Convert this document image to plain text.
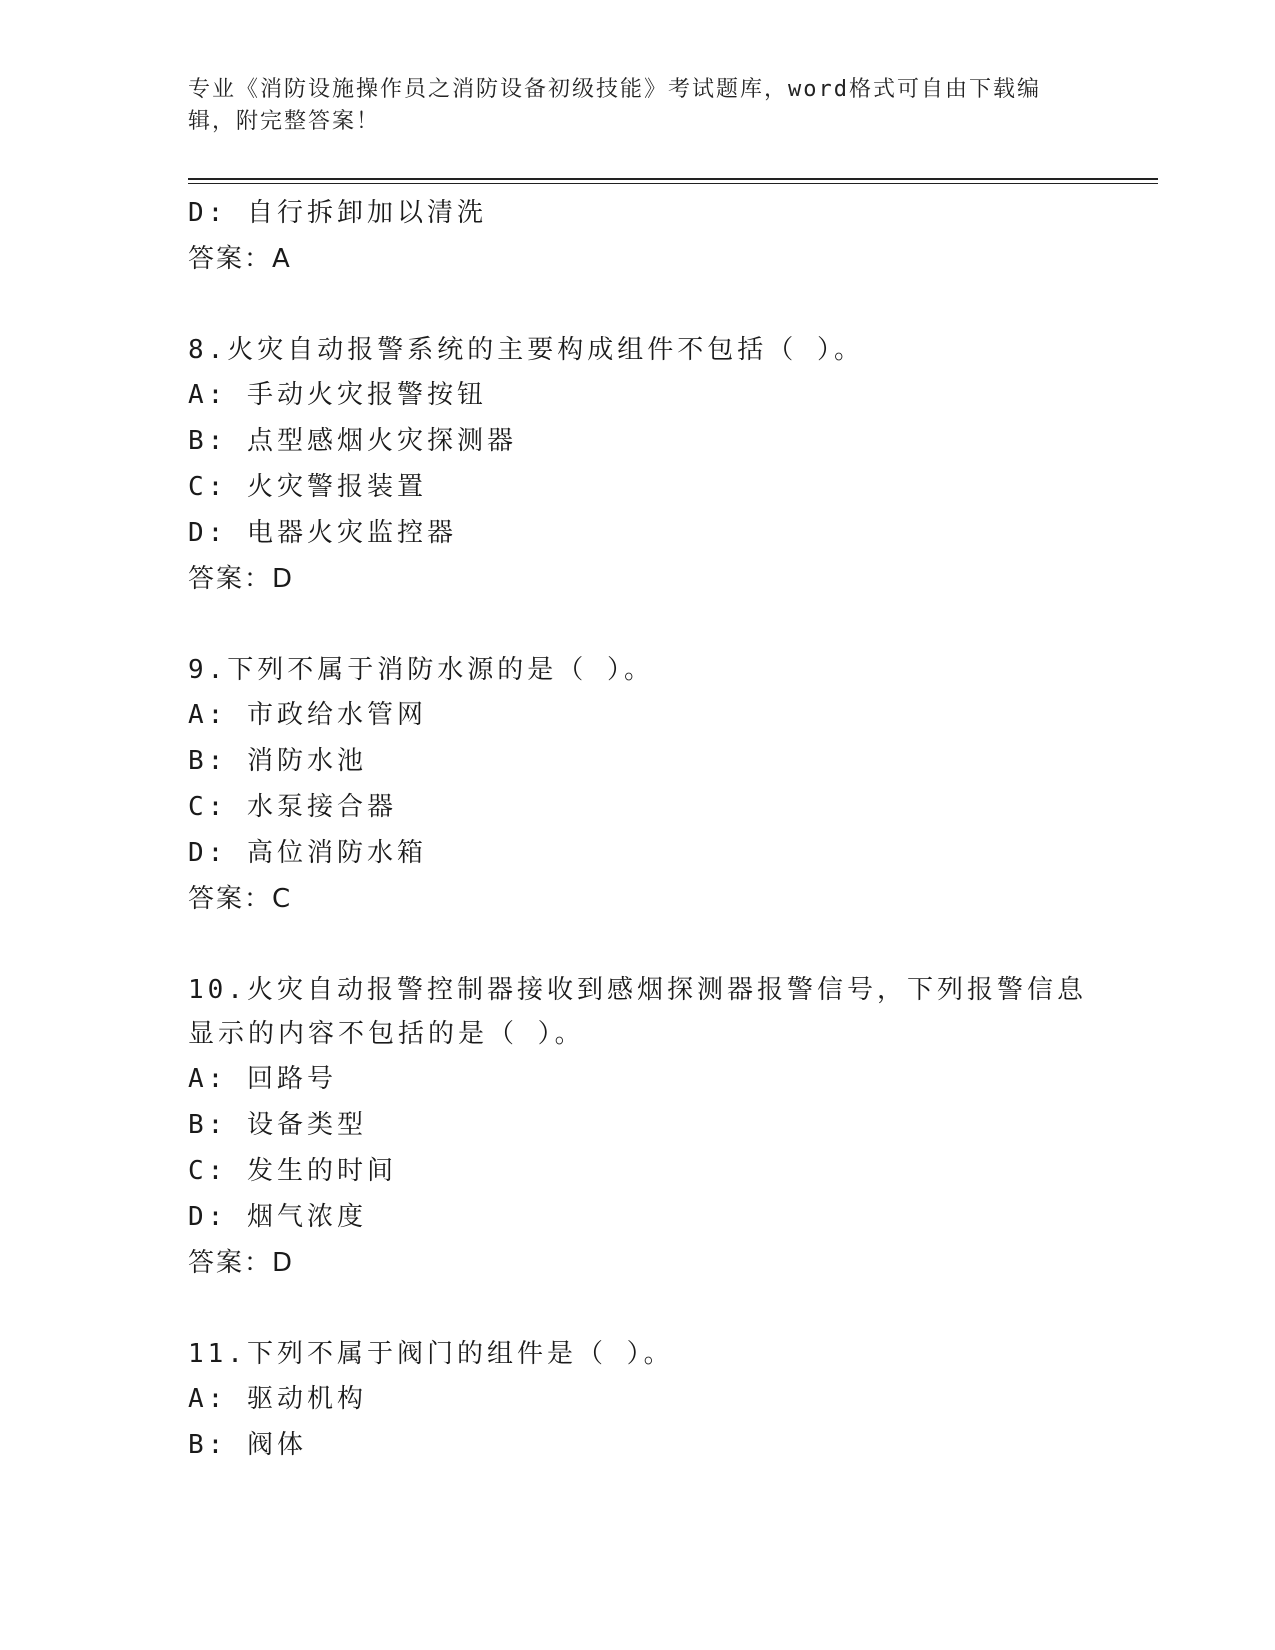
专业《消防设施操作员之消防设备初级技能》考试题库，word格式可自由下载编辑，附完整答案！
D: 自行拆卸加以清洗
答案：A
8.火灾自动报警系统的主要构成组件不包括（ ）。
A: 手动火灾报警按钮
B: 点型感烟火灾探测器
C: 火灾警报装置
D: 电器火灾监控器
答案：D
9.下列不属于消防水源的是（ ）。
A: 市政给水管网
B: 消防水池
C: 水泵接合器
D: 高位消防水箱
答案：C
10.火灾自动报警控制器接收到感烟探测器报警信号，下列报警信息显示的内容不包括的是（ ）。
A: 回路号
B: 设备类型
C: 发生的时间
D: 烟气浓度
答案：D
11.下列不属于阀门的组件是（ ）。
A: 驱动机构
B: 阀体
